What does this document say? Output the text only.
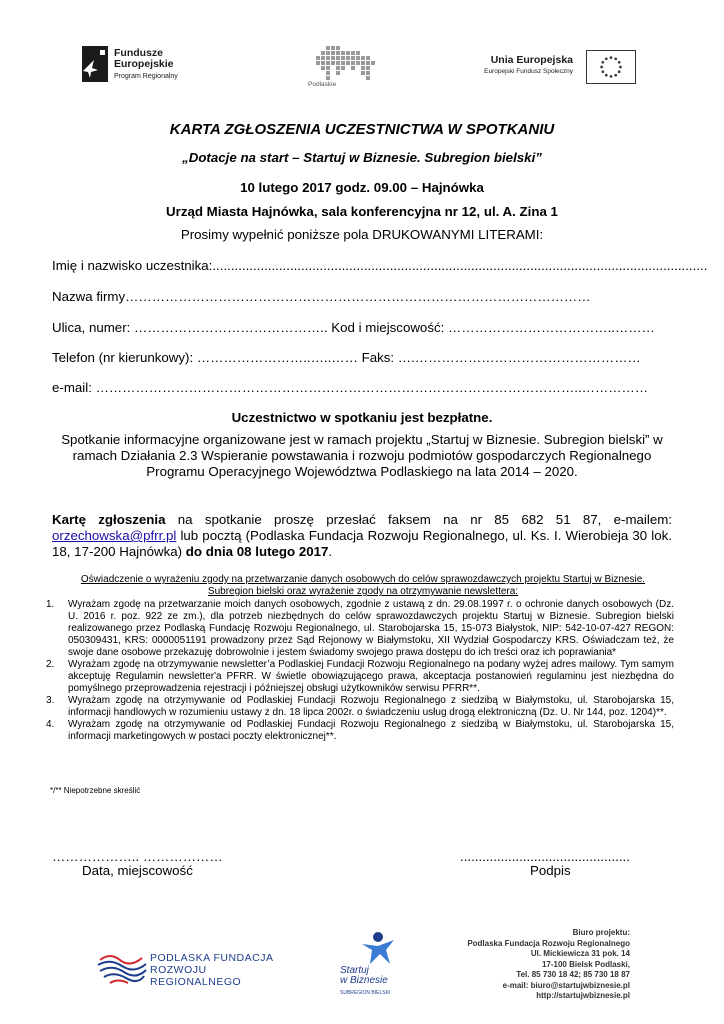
Fundusze
Europejskie
Program Regionalny
Podlaskie
Unia Europejska
Europejski Fundusz Społeczny
KARTA ZGŁOSZENIA UCZESTNICTWA W SPOTKANIU
„Dotacje na start – Startuj w Biznesie. Subregion bielski”
10 lutego 2017 godz. 09.00 – Hajnówka
Urząd Miasta Hajnówka, sala konferencyjna nr 12, ul. A. Zina 1
Prosimy wypełnić poniższe pola DRUKOWANYMI LITERAMI:
Imię i nazwisko uczestnika:......................................................................................................................................
Nazwa firmy……………………………………………………………………………………………
Ulica, numer: …………………………………….. Kod i miejscowość: ………………………………..………
Telefon (nr kierunkowy): ……………………..…..…… Faks: ….……………………………………………
e-mail: ………………………………………………………………………………………………..……………
Uczestnictwo w spotkaniu jest bezpłatne.
Spotkanie informacyjne organizowane jest w ramach projektu „Startuj w Biznesie. Subregion bielski” w ramach Działania 2.3 Wspieranie powstawania i rozwoju podmiotów gospodarczych Regionalnego Programu Operacyjnego Województwa Podlaskiego na lata 2014 – 2020.
Kartę zgłoszenia na spotkanie proszę przesłać faksem na nr 85 682 51 87, e-mailem: orzechowska@pfrr.pl lub pocztą (Podlaska Fundacja Rozwoju Regionalnego, ul. Ks. I. Wierobieja 30 lok. 18, 17-200 Hajnówka) do dnia 08 lutego 2017.
Oświadczenie o wyrażeniu zgody na przetwarzanie danych osobowych do celów sprawozdawczych projektu Startuj w Biznesie. Subregion bielski oraz wyrażenie zgody na otrzymywanie newslettera:
1. Wyrażam zgodę na przetwarzanie moich danych osobowych, zgodnie z ustawą z dn. 29.08.1997 r. o ochronie danych osobowych (Dz. U. 2016 r. poz. 922 ze zm.), dla potrzeb niezbędnych do celów sprawozdawczych projektu Startuj w Biznesie. Subregion bielski realizowanego przez Podlaską Fundację Rozwoju Regionalnego, ul. Starobojarska 15, 15-073 Białystok, NIP: 542-10-07-427 REGON: 050309431, KRS: 0000051191 prowadzony przez Sąd Rejonowy w Białymstoku, XII Wydział Gospodarczy KRS. Oświadczam też, że swoje dane osobowe przekazuję dobrowolnie i jestem świadomy swojego prawa dostępu do ich treści oraz ich poprawiania*
2. Wyrażam zgodę na otrzymywanie newsletter’a Podlaskiej Fundacji Rozwoju Regionalnego na podany wyżej adres mailowy. Tym samym akceptuję Regulamin newsletter'a PFRR. W świetle obowiązującego prawa, akceptacja postanowień regulaminu jest niezbędna do pomyślnego przeprowadzenia rejestracji i późniejszej obsługi użytkowników serwisu PFRR**.
3. Wyrażam zgodę na otrzymywanie od Podlaskiej Fundacji Rozwoju Regionalnego z siedzibą w Białymstoku, ul. Starobojarska 15, informacji handlowych w rozumieniu ustawy z dn. 18 lipca 2002r. o świadczeniu usług drogą elektroniczną (Dz. U. Nr 144, poz. 1204)**.
4. Wyrażam zgodę na otrzymywanie od Podlaskiej Fundacji Rozwoju Regionalnego z siedzibą w Białymstoku, ul. Starobojarska 15, informacji marketingowych w postaci poczty elektronicznej**.
*/** Niepotrzebne skreślić
……………….. ………………	..............................................
Data, miejscowość	Podpis
PODLASKA FUNDACJA
ROZWOJU REGIONALNEGO
Startuj
w Biznesie
SUBREGION BIELSKI
Biuro projektu:
Podlaska Fundacja Rozwoju Regionalnego
Ul. Mickiewicza 31 pok. 14
17-100 Bielsk Podlaski,
Tel. 85 730 18 42; 85 730 18 87
e-mail: biuro@startujwbiznesie.pl
http://startujwbiznesie.pl
